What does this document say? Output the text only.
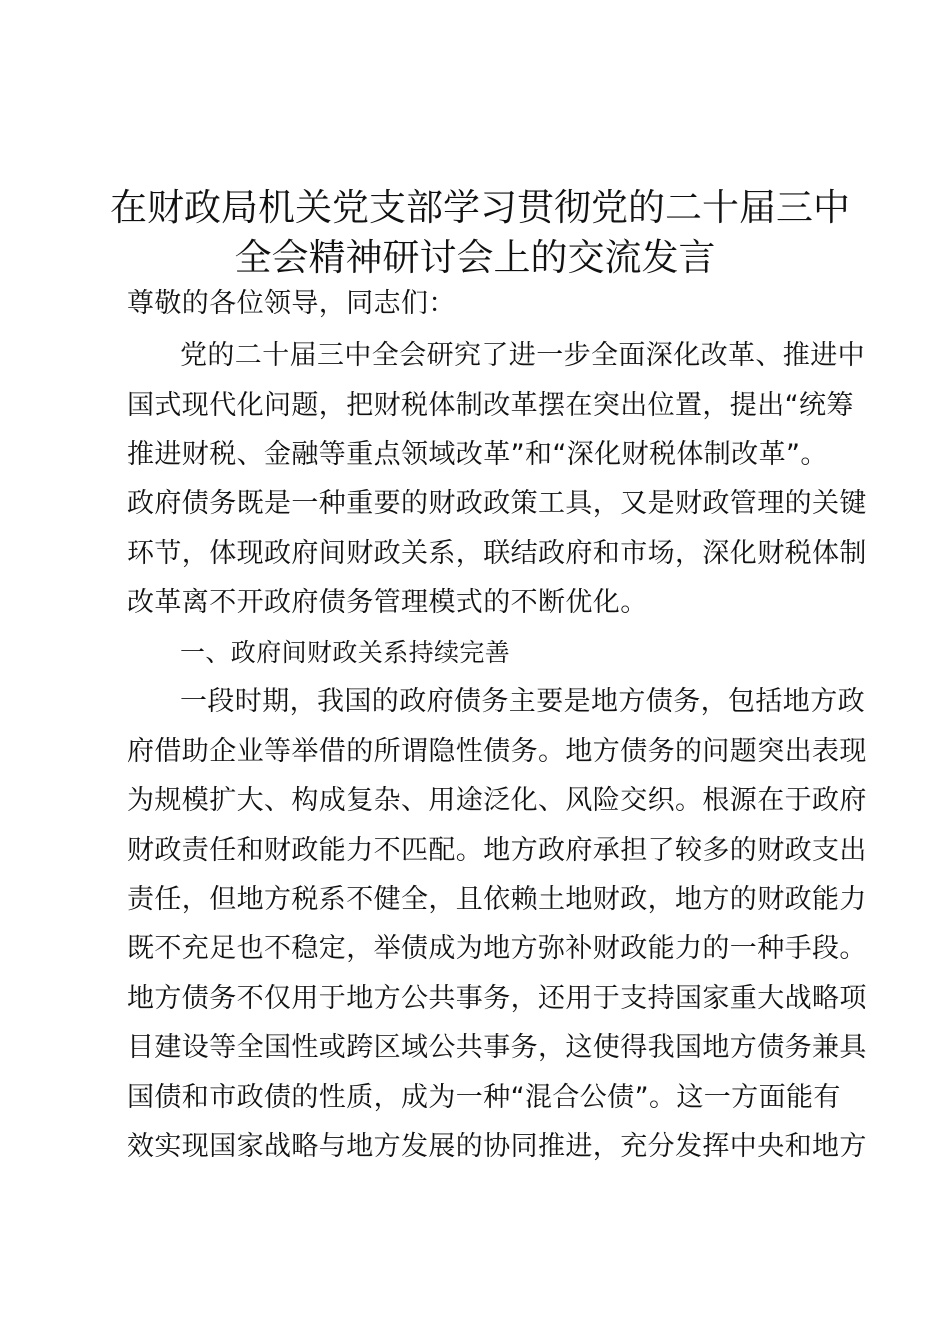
在财政局机关党支部学习贯彻党的二十届三中
全会精神研讨会上的交流发言
尊敬的各位领导，同志们：
党的二十届三中全会研究了进一步全面深化改革、推进中
国式现代化问题，把财税体制改革摆在突出位置，提出“统筹
推进财税、金融等重点领域改革”和“深化财税体制改革”。
政府债务既是一种重要的财政政策工具，又是财政管理的关键
环节，体现政府间财政关系，联结政府和市场，深化财税体制
改革离不开政府债务管理模式的不断优化。
一、政府间财政关系持续完善
一段时期，我国的政府债务主要是地方债务，包括地方政
府借助企业等举借的所谓隐性债务。地方债务的问题突出表现
为规模扩大、构成复杂、用途泛化、风险交织。根源在于政府
财政责任和财政能力不匹配。地方政府承担了较多的财政支出
责任，但地方税系不健全，且依赖土地财政，地方的财政能力
既不充足也不稳定，举债成为地方弥补财政能力的一种手段。
地方债务不仅用于地方公共事务，还用于支持国家重大战略项
目建设等全国性或跨区域公共事务，这使得我国地方债务兼具
国债和市政债的性质，成为一种“混合公债”。这一方面能有
效实现国家战略与地方发展的协同推进，充分发挥中央和地方
